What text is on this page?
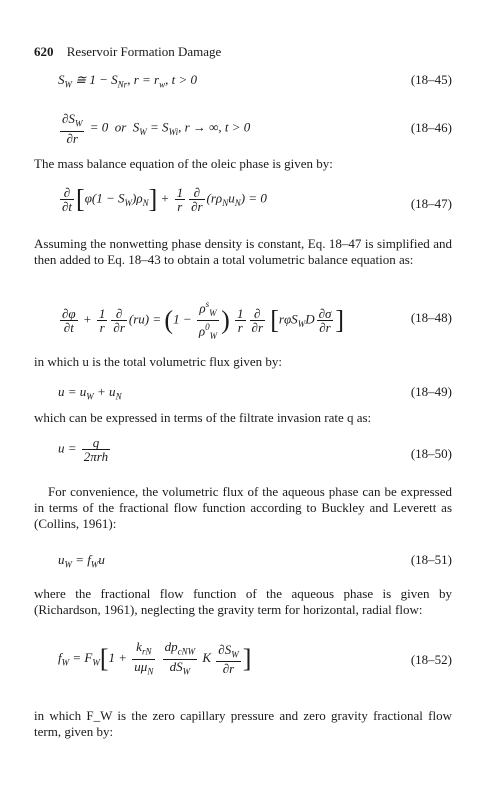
620 Reservoir Formation Damage
$S_W$ ≅ $1 - S_{Nr}$, $r = r_w$, t > 0	(18–45)
$\frac{\partial S_W}{\partial r} = 0$  or  $S_W = S_{Wi}$, r → ∞, t > 0	(18–46)
The mass balance equation of the oleic phase is given by:
$\frac{\partial}{\partial t} [\varphi(1 - S_W)\rho_N] + \frac{1}{r} \frac{\partial}{\partial r} (r\rho_Nu_N) = 0$	(18–47)
Assuming the nonwetting phase density is constant, Eq. 18–47 is simplified and then added to Eq. 18–43 to obtain a total volumetric balance equation as:
$\frac{\partial\varphi}{\partial t} + \frac{1}{r} \frac{\partial}{\partial r} (ru) = (1 - \frac{\rho^s_W}{\rho^0_W}$ ) $\frac{1}{r} \frac{\partial}{\partial r} [r\varphi S_WD \frac{\partial\sigma}{\partial r}$ ]	(18–48)
in which u is the total volumetric flux given by:
$u = u_W + u_N$	(18–49)
which can be expressed in terms of the filtrate invasion rate q as:
$u = \frac{q}{\text{2πrh}}$	(18–50)
For convenience, the volumetric flux of the aqueous phase can be expressed in terms of the fractional flow function according to Buckley and Leverett as (Collins, 1961):
$u_W = f_Wu$	(18–51)
where the fractional flow function of the aqueous phase is given by (Richardson, 1961), neglecting the gravity term for horizontal, radial flow:
$f_W = F_W[1 + \frac{k_{rN}}{u\mu_N}$
$\frac{dp_{cNW}}{dS_W}$ K $\frac{\partial S_W}{\partial r}$ ]	(18–52)
in which F_W is the zero capillary pressure and zero gravity fractional flow term, given by:
